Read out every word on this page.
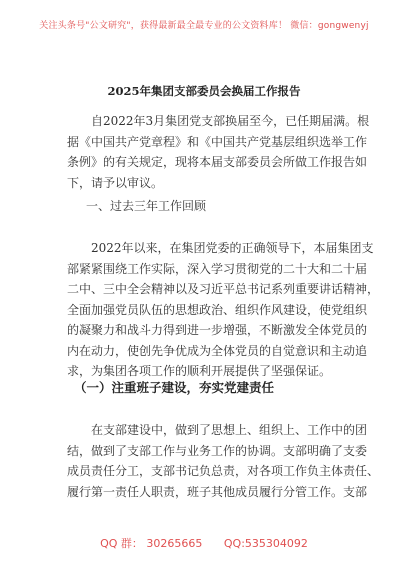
关注头条号"公文研究"，获得最新最全最专业的公文资料库！ 微信：gongwenyj
2025年集团支部委员会换届工作报告
自2022年3月集团党支部换届至今，已任期届满。根
据《中国共产党章程》和《中国共产党基层组织选举工作
条例》的有关规定，现将本届支部委员会所做工作报告如
下，请予以审议。
一、过去三年工作回顾
2022年以来，在集团党委的正确领导下，本届集团支
部紧紧围绕工作实际，深入学习贯彻党的二十大和二十届
二中、三中全会精神以及习近平总书记系列重要讲话精神，
全面加强党员队伍的思想政治、组织作风建设，使党组织
的凝聚力和战斗力得到进一步增强，不断激发全体党员的
内在动力，使创先争优成为全体党员的自觉意识和主动追
求，为集团各项工作的顺利开展提供了坚强保证。
（一）注重班子建设，夯实党建责任
在支部建设中，做到了思想上、组织上、工作中的团
结，做到了支部工作与业务工作的协调。支部明确了支委
成员责任分工，支部书记负总责，对各项工作负主体责任、
履行第一责任人职责，班子其他成员履行分管工作。支部
QQ 群： 30265665 QQ:535304092
